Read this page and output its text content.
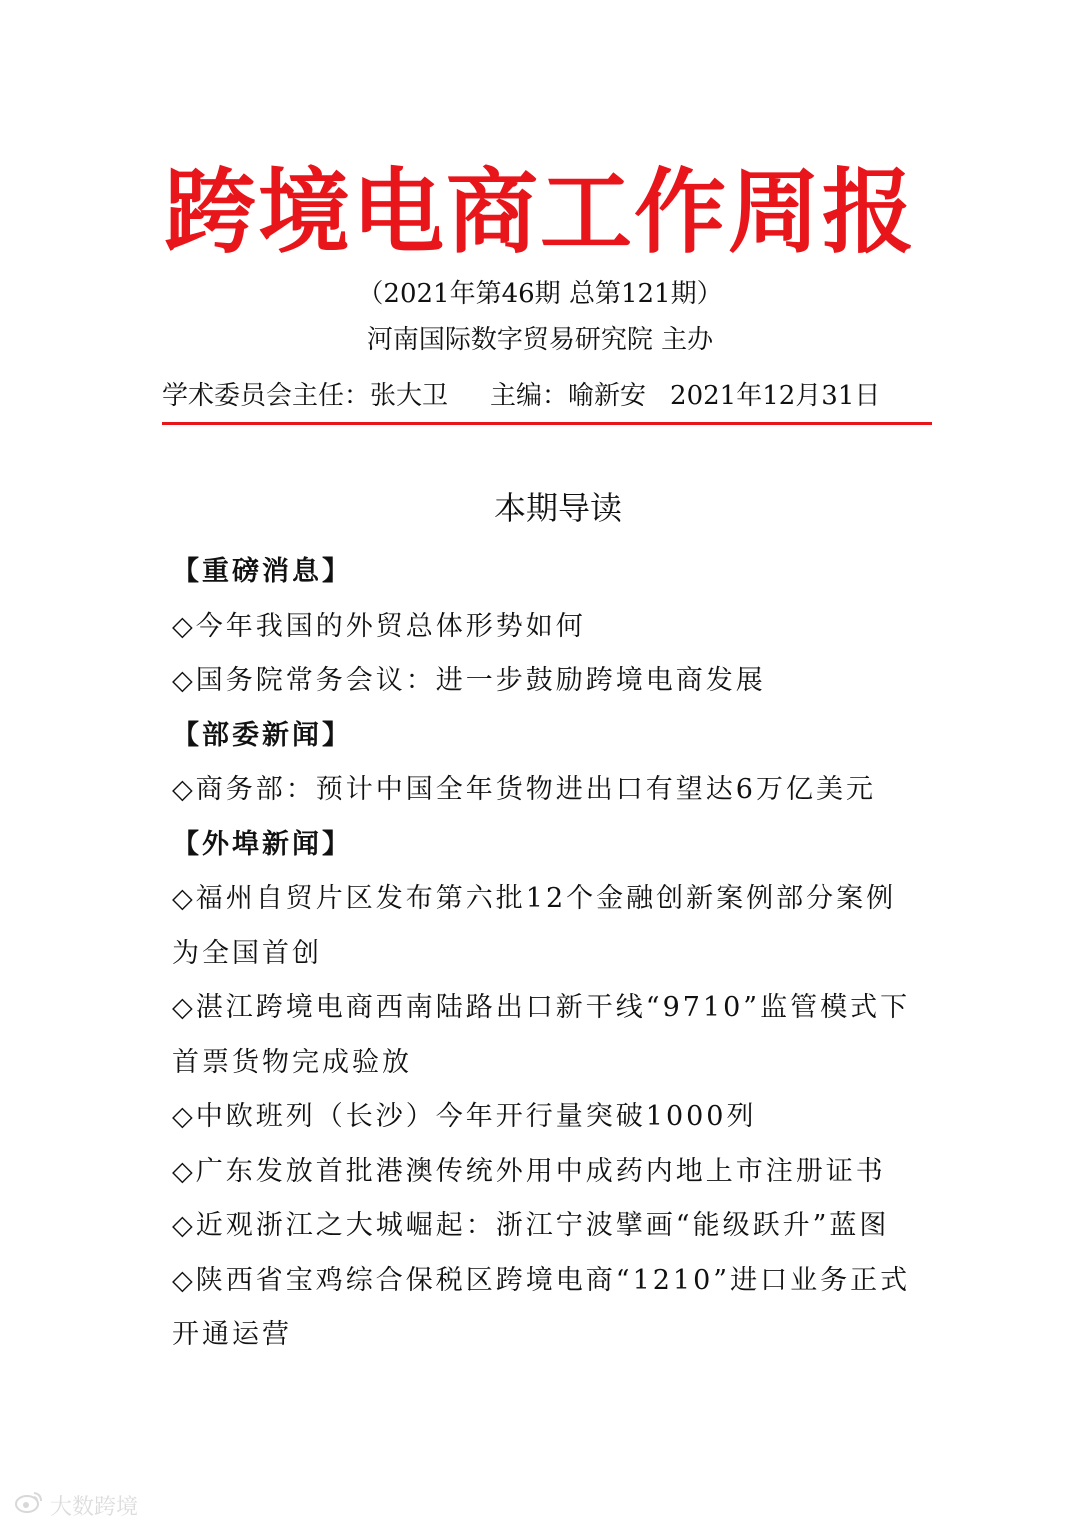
跨境电商工作周报
（2021年第46期 总第121期）
河南国际数字贸易研究院 主办
学术委员会主任：张大卫 主编：喻新安 2021年12月31日
本期导读
【重磅消息】
◇今年我国的外贸总体形势如何
◇国务院常务会议：进一步鼓励跨境电商发展
【部委新闻】
◇商务部：预计中国全年货物进出口有望达6万亿美元
【外埠新闻】
◇福州自贸片区发布第六批12个金融创新案例部分案例为全国首创
◇湛江跨境电商西南陆路出口新干线“9710”监管模式下首票货物完成验放
◇中欧班列（长沙）今年开行量突破1000列
◇广东发放首批港澳传统外用中成药内地上市注册证书
◇近观浙江之大城崛起：浙江宁波擘画“能级跃升”蓝图
◇陕西省宝鸡综合保税区跨境电商“1210”进口业务正式开通运营
大数跨境
